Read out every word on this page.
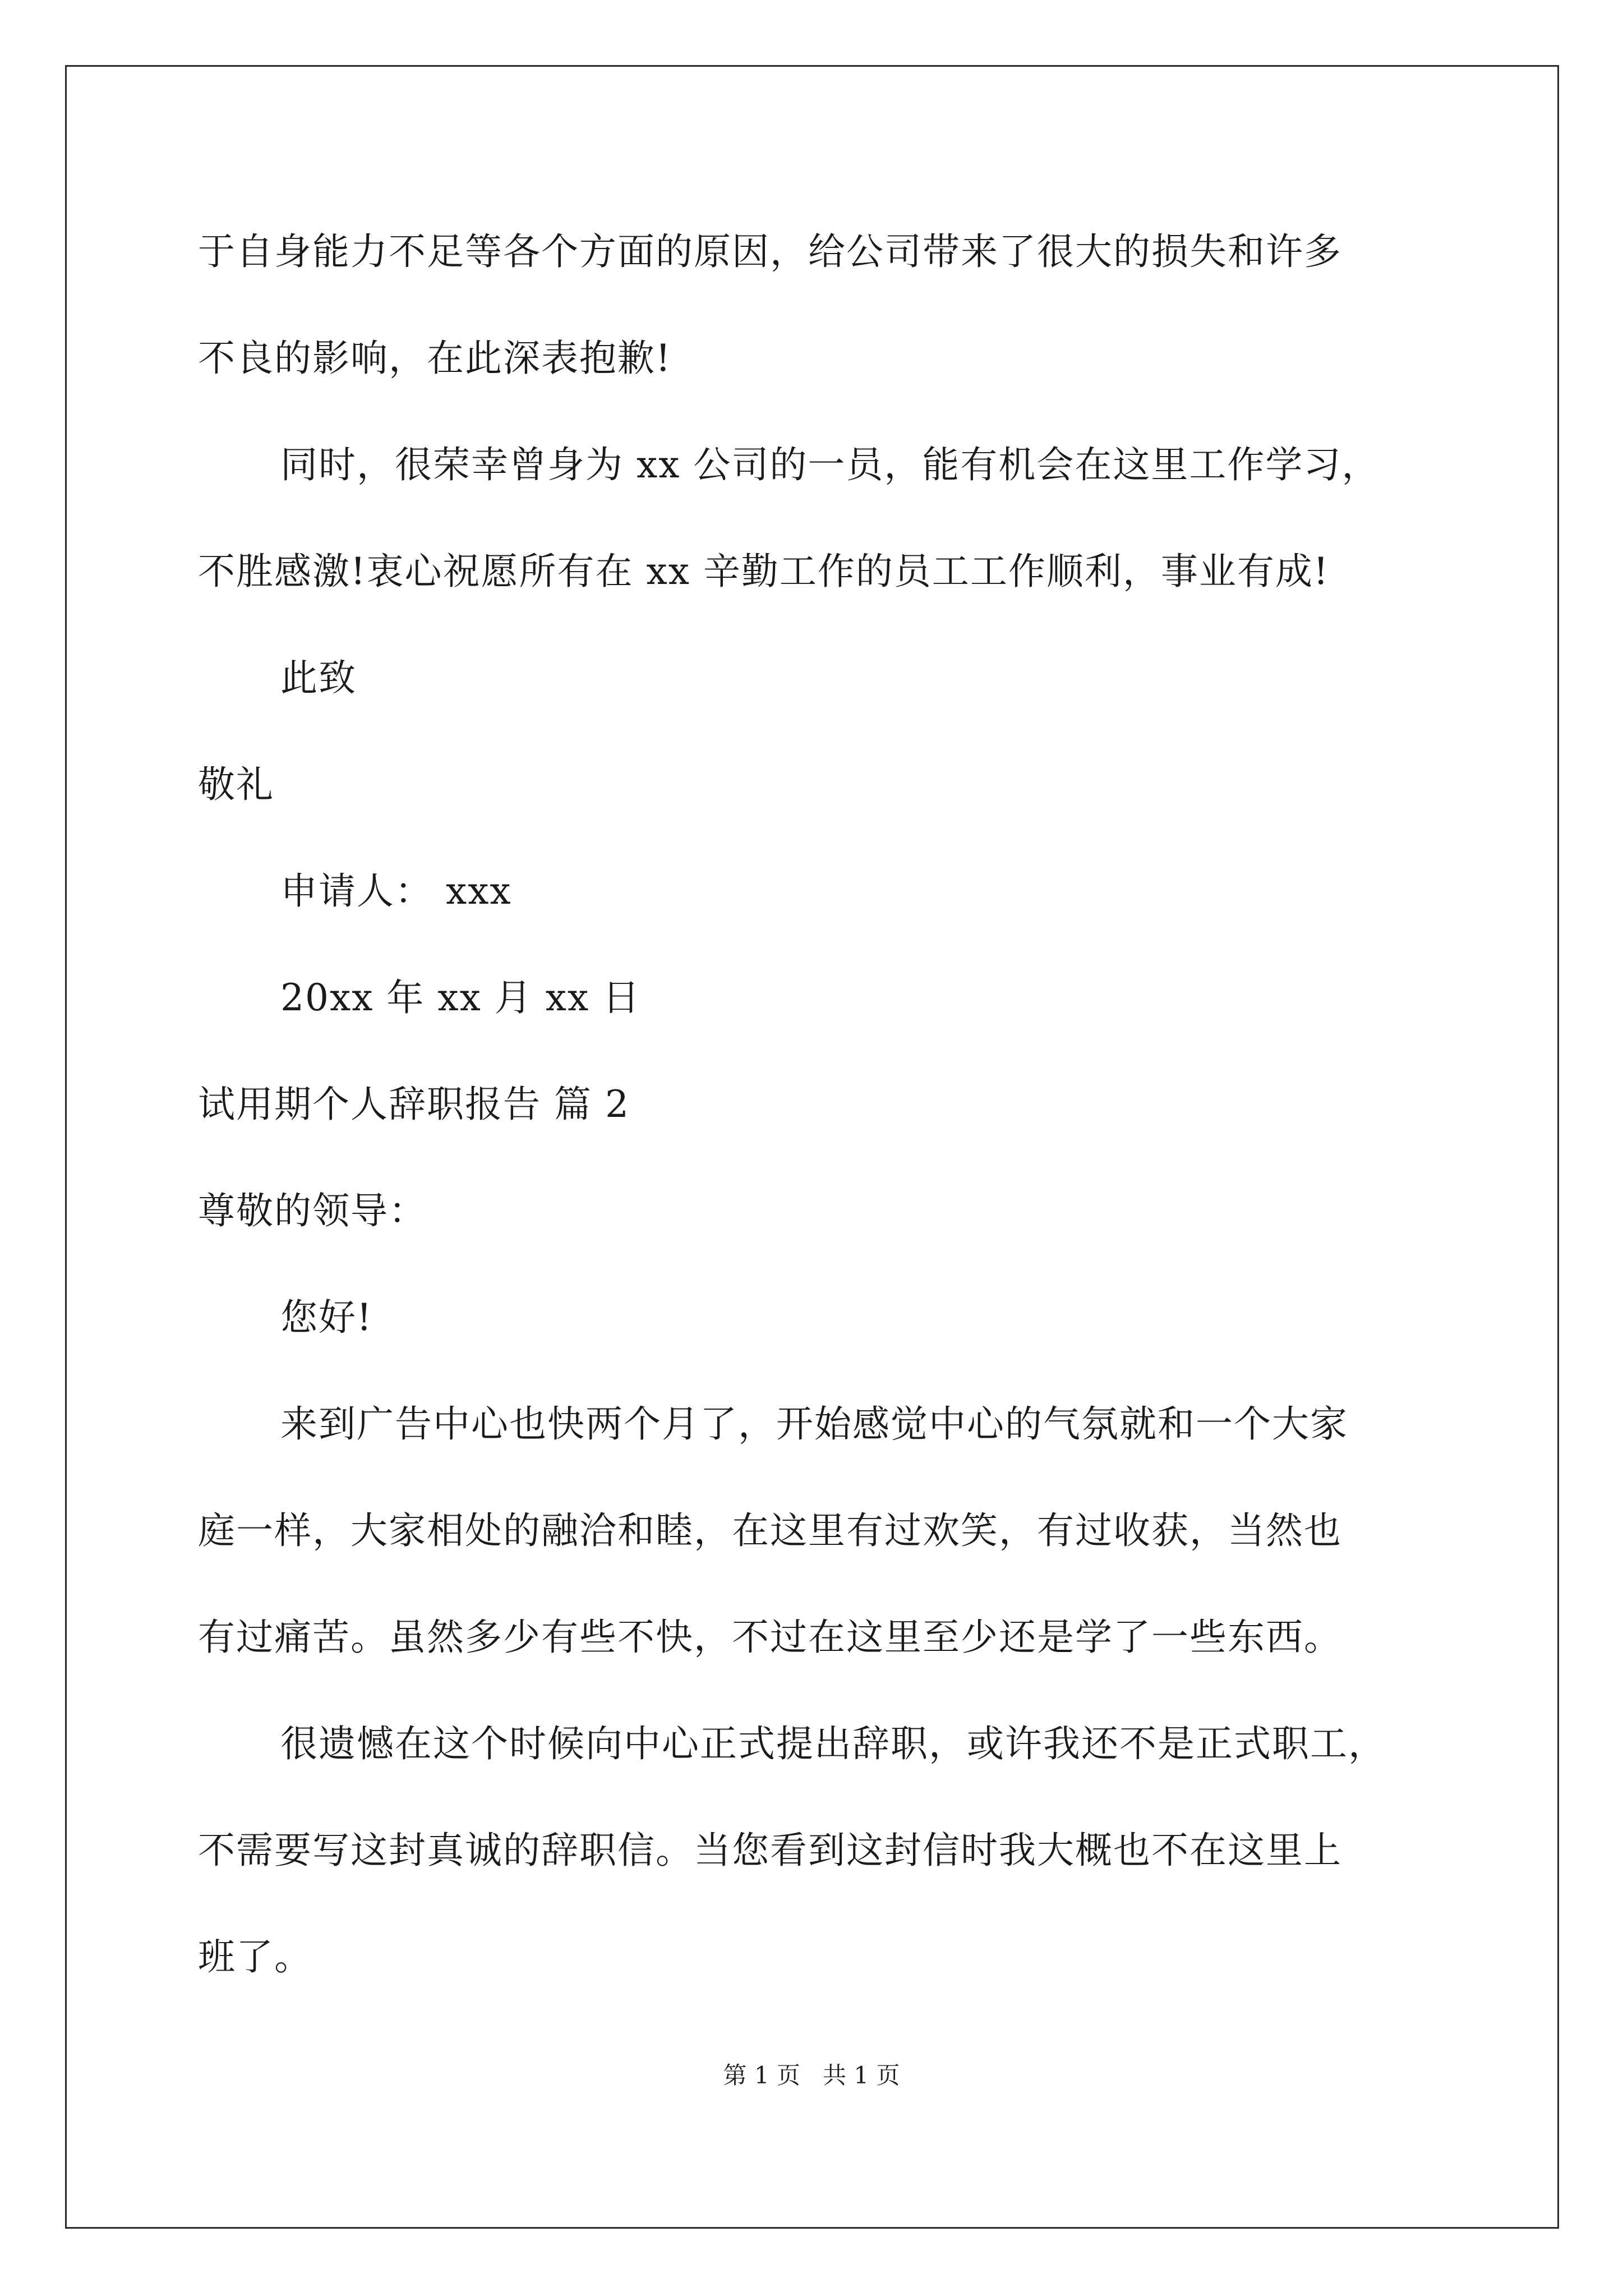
于自身能力不足等各个方面的原因，给公司带来了很大的损失和许多
不良的影响，在此深表抱歉!
同时，很荣幸曾身为 xx 公司的一员，能有机会在这里工作学习，
不胜感激!衷心祝愿所有在 xx 辛勤工作的员工工作顺利，事业有成!
此致
敬礼
申请人： xxx
20xx 年 xx 月 xx 日
试用期个人辞职报告 篇 2
尊敬的领导：
您好!
来到广告中心也快两个月了，开始感觉中心的气氛就和一个大家
庭一样，大家相处的融洽和睦，在这里有过欢笑，有过收获，当然也
有过痛苦。虽然多少有些不快，不过在这里至少还是学了一些东西。
很遗憾在这个时候向中心正式提出辞职，或许我还不是正式职工，
不需要写这封真诚的辞职信。当您看到这封信时我大概也不在这里上
班了。
第 1 页   共 1 页
